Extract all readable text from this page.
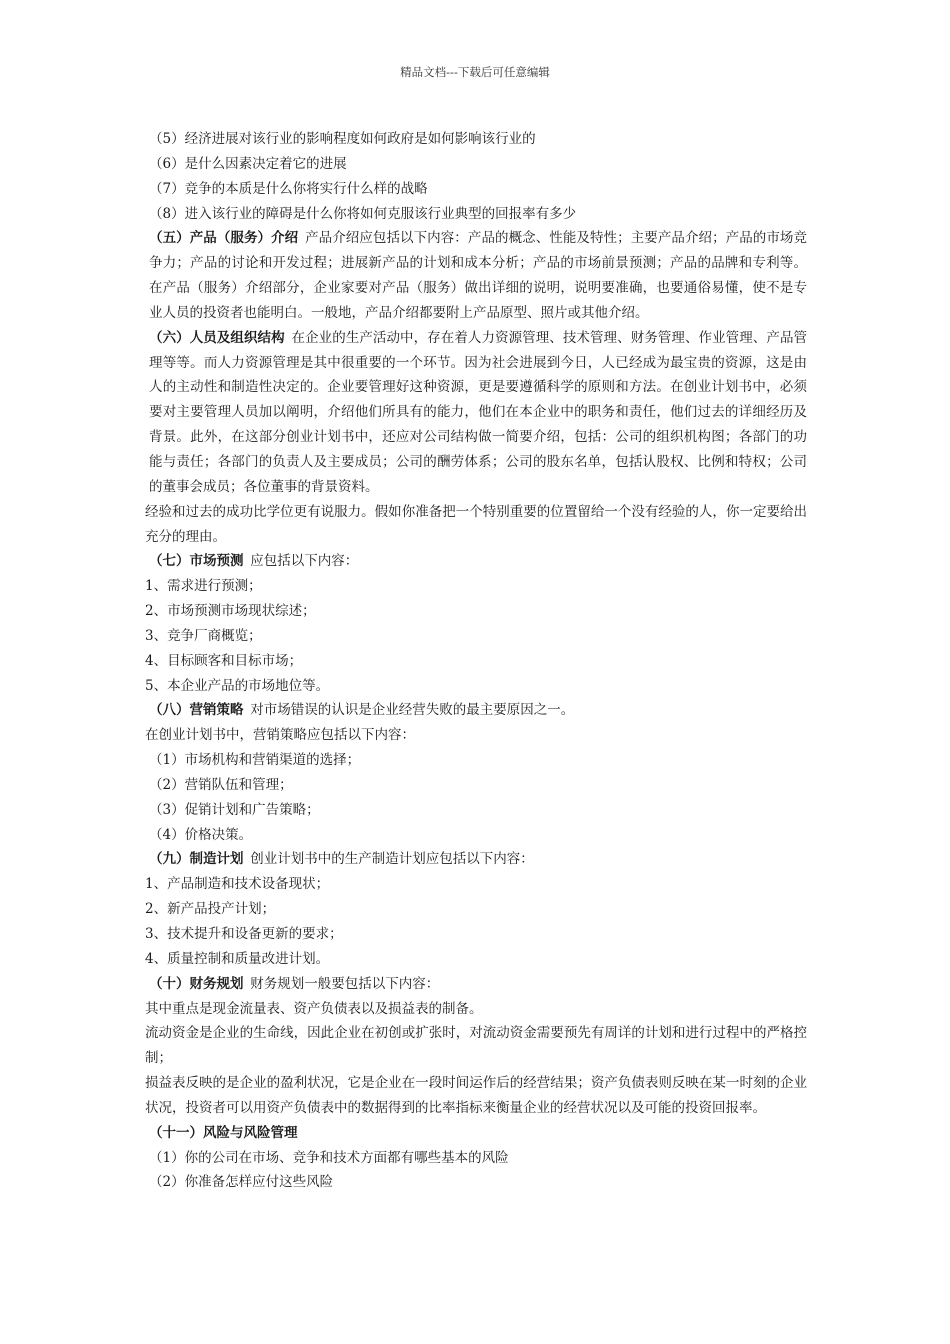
精品文档---下载后可任意编辑

（5）经济进展对该行业的影响程度如何政府是如何影响该行业的

（6）是什么因素决定着它的进展

（7）竞争的本质是什么你将实行什么样的战略

（8）进入该行业的障碍是什么你将如何克服该行业典型的回报率有多少

（五）产品（服务）介绍  产品介绍应包括以下内容：产品的概念、性能及特性；主要产品介绍；产品的市场竞争力；产品的讨论和开发过程；进展新产品的计划和成本分析；产品的市场前景预测；产品的品牌和专利等。在产品（服务）介绍部分，企业家要对产品（服务）做出详细的说明，说明要准确，也要通俗易懂，使不是专业人员的投资者也能明白。一般地，产品介绍都要附上产品原型、照片或其他介绍。

（六）人员及组织结构  在企业的生产活动中，存在着人力资源管理、技术管理、财务管理、作业管理、产品管理等等。而人力资源管理是其中很重要的一个环节。因为社会进展到今日，人已经成为最宝贵的资源，这是由人的主动性和制造性决定的。企业要管理好这种资源，更是要遵循科学的原则和方法。在创业计划书中，必须要对主要管理人员加以阐明，介绍他们所具有的能力，他们在本企业中的职务和责任，他们过去的详细经历及背景。此外，在这部分创业计划书中，还应对公司结构做一简要介绍，包括：公司的组织机构图；各部门的功能与责任；各部门的负责人及主要成员；公司的酬劳体系；公司的股东名单，包括认股权、比例和特权；公司的董事会成员；各位董事的背景资料。

经验和过去的成功比学位更有说服力。假如你准备把一个特别重要的位置留给一个没有经验的人，你一定要给出充分的理由。

（七）市场预测  应包括以下内容：

1、需求进行预测；

2、市场预测市场现状综述；

3、竞争厂商概览；

4、目标顾客和目标市场；

5、本企业产品的市场地位等。

（八）营销策略  对市场错误的认识是企业经营失败的最主要原因之一。

在创业计划书中，营销策略应包括以下内容：

（1）市场机构和营销渠道的选择；

（2）营销队伍和管理；

（3）促销计划和广告策略；

（4）价格决策。

（九）制造计划  创业计划书中的生产制造计划应包括以下内容：

1、产品制造和技术设备现状；

2、新产品投产计划；

3、技术提升和设备更新的要求；

4、质量控制和质量改进计划。

（十）财务规划  财务规划一般要包括以下内容：

其中重点是现金流量表、资产负债表以及损益表的制备。

流动资金是企业的生命线，因此企业在初创或扩张时，对流动资金需要预先有周详的计划和进行过程中的严格控制；

损益表反映的是企业的盈利状况，它是企业在一段时间运作后的经营结果；资产负债表则反映在某一时刻的企业状况，投资者可以用资产负债表中的数据得到的比率指标来衡量企业的经营状况以及可能的投资回报率。

（十一）风险与风险管理

（1）你的公司在市场、竞争和技术方面都有哪些基本的风险

（2）你准备怎样应付这些风险
